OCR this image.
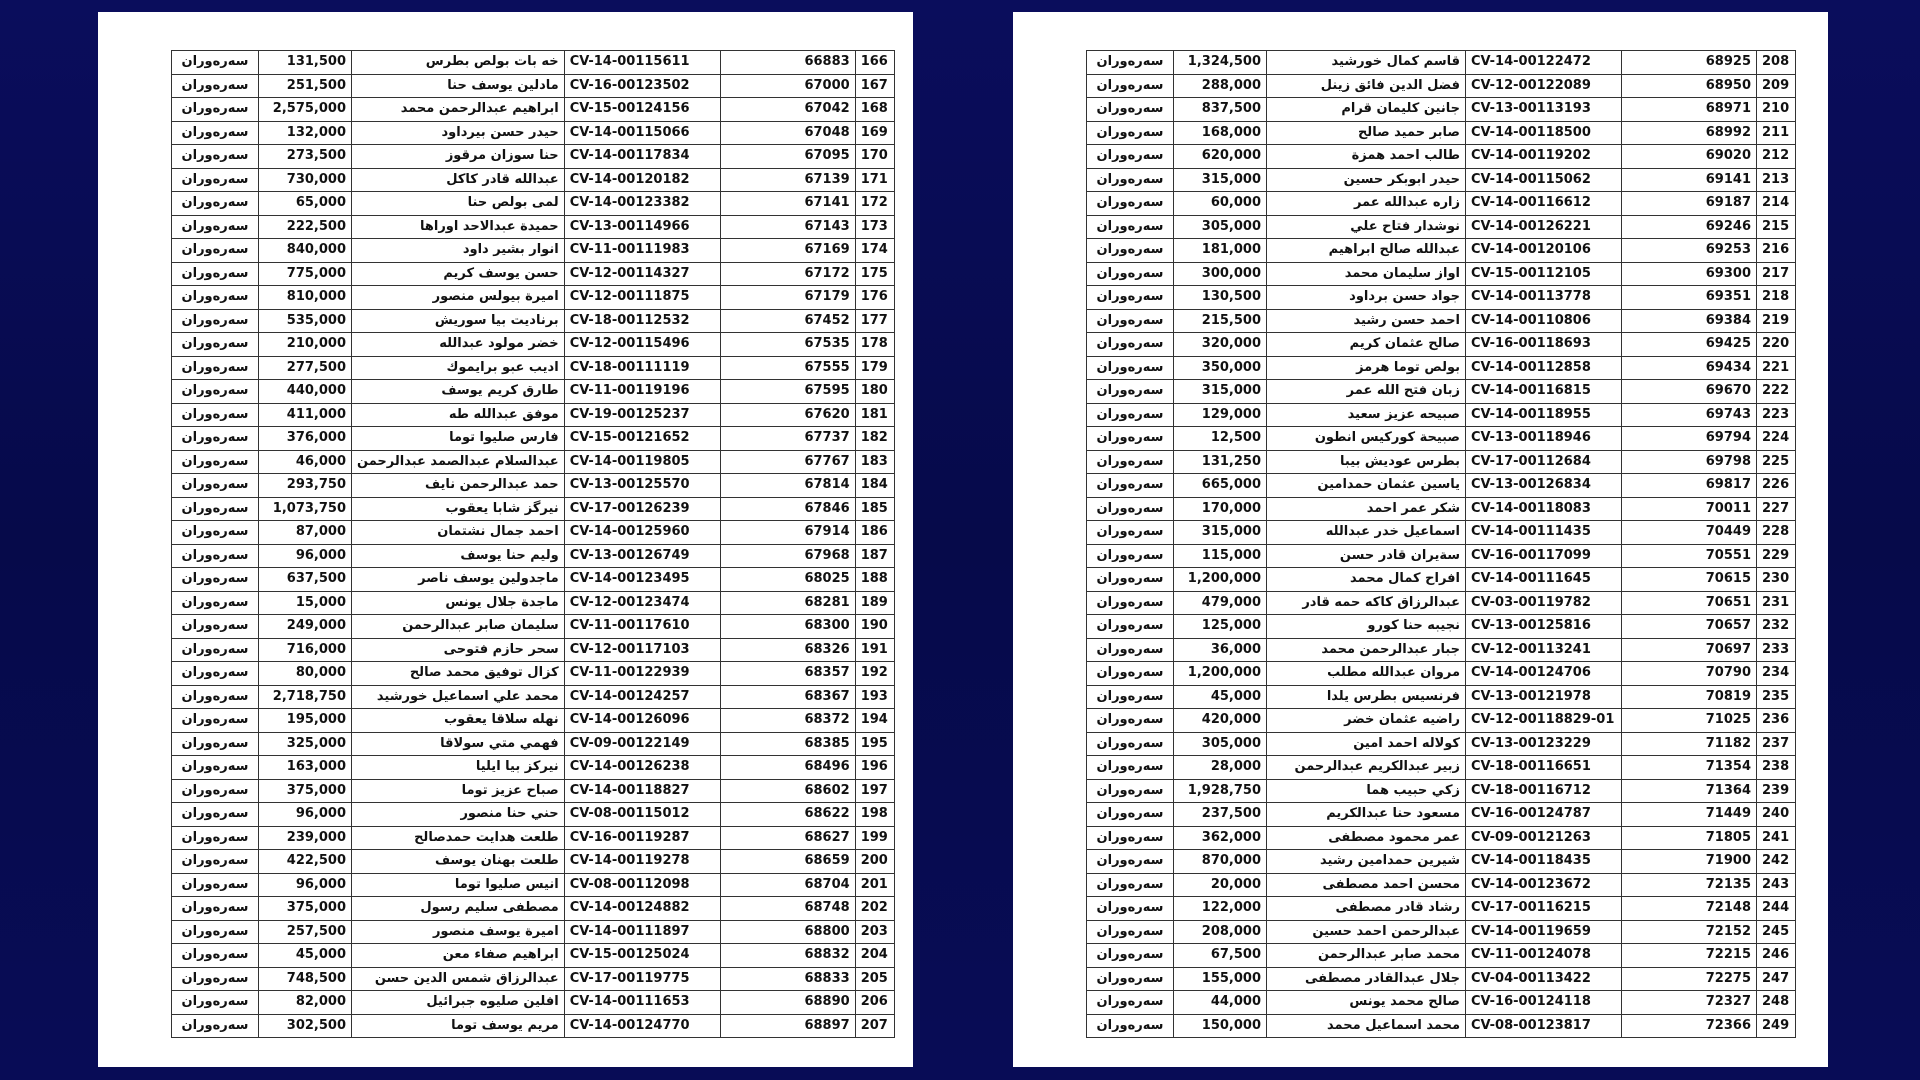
سەرەوران	131,500	خه بات بولص بطرس	CV-14-00115611	66883	166
سەرەوران	251,500	مادلين يوسف حنا	CV-16-00123502	67000	167
سەرەوران	2,575,000	ابراهيم عبدالرحمن محمد	CV-15-00124156	67042	168
سەرەوران	132,000	حيدر حسن بيرداود	CV-14-00115066	67048	169
سەرەوران	273,500	حنا سوزان مرقوز	CV-14-00117834	67095	170
سەرەوران	730,000	عبدالله قادر كاكل	CV-14-00120182	67139	171
سەرەوران	65,000	لمى بولص حنا	CV-14-00123382	67141	172
سەرەوران	222,500	حميدة عبدالاحد اوراها	CV-13-00114966	67143	173
سەرەوران	840,000	انوار بشير داود	CV-11-00111983	67169	174
سەرەوران	775,000	حسن يوسف كريم	CV-12-00114327	67172	175
سەرەوران	810,000	اميرة بيولس منصور	CV-12-00111875	67179	176
سەرەوران	535,000	برناديت بيا سوريش	CV-18-00112532	67452	177
سەرەوران	210,000	خضر مولود عبدالله	CV-12-00115496	67535	178
سەرەوران	277,500	اديب عبو برايموك	CV-18-00111119	67555	179
سەرەوران	440,000	طارق كريم يوسف	CV-11-00119196	67595	180
سەرەوران	411,000	موفق عبدالله طه	CV-19-00125237	67620	181
سەرەوران	376,000	فارس صليوا توما	CV-15-00121652	67737	182
سەرەوران	46,000	عبدالسلام عبدالصمد عبدالرحمن	CV-14-00119805	67767	183
سەرەوران	293,750	حمد عبدالرحمن نايف	CV-13-00125570	67814	184
سەرەوران	1,073,750	نيرگز شابا يعقوب	CV-17-00126239	67846	185
سەرەوران	87,000	احمد جمال نشتمان	CV-14-00125960	67914	186
سەرەوران	96,000	وليم حنا يوسف	CV-13-00126749	67968	187
سەرەوران	637,500	ماجدولين يوسف ناصر	CV-14-00123495	68025	188
سەرەوران	15,000	ماجدة جلال يونس	CV-12-00123474	68281	189
سەرەوران	249,000	سليمان صابر عبدالرحمن	CV-11-00117610	68300	190
سەرەوران	716,000	سحر حازم فتوحى	CV-12-00117103	68326	191
سەرەوران	80,000	كزال توفيق محمد صالح	CV-11-00122939	68357	192
سەرەوران	2,718,750	محمد علي اسماعيل خورشيد	CV-14-00124257	68367	193
سەرەوران	195,000	نهله سلاقا يعقوب	CV-14-00126096	68372	194
سەرەوران	325,000	فهمي متي سولاقا	CV-09-00122149	68385	195
سەرەوران	163,000	نيركز بيا ايليا	CV-14-00126238	68496	196
سەرەوران	375,000	صباح عزيز توما	CV-14-00118827	68602	197
سەرەوران	96,000	حني حنا منصور	CV-08-00115012	68622	198
سەرەوران	239,000	طلعت هدايت حمدصالح	CV-16-00119287	68627	199
سەرەوران	422,500	طلعت بهنان يوسف	CV-14-00119278	68659	200
سەرەوران	96,000	انيس صليوا توما	CV-08-00112098	68704	201
سەرەوران	375,000	مصطفى سليم رسول	CV-14-00124882	68748	202
سەرەوران	257,500	اميرة يوسف منصور	CV-14-00111897	68800	203
سەرەوران	45,000	ابراهيم صفاء معن	CV-15-00125024	68832	204
سەرەوران	748,500	عبدالرزاق شمس الدين حسن	CV-17-00119775	68833	205
سەرەوران	82,000	افلين صليوه جبرائيل	CV-14-00111653	68890	206
سەرەوران	302,500	مريم يوسف توما	CV-14-00124770	68897	207
سەرەوران	1,324,500	قاسم كمال خورشيد	CV-14-00122472	68925	208
سەرەوران	288,000	فضل الدين فائق زينل	CV-12-00122089	68950	209
سەرەوران	837,500	جانين كليمان قرام	CV-13-00113193	68971	210
سەرەوران	168,000	صابر حميد صالح	CV-14-00118500	68992	211
سەرەوران	620,000	طالب احمد همزة	CV-14-00119202	69020	212
سەرەوران	315,000	حيدر ابوبكر حسين	CV-14-00115062	69141	213
سەرەوران	60,000	زاره عبدالله عمر	CV-14-00116612	69187	214
سەرەوران	305,000	نوشدار فتاح علي	CV-14-00126221	69246	215
سەرەوران	181,000	عبدالله صالح ابراهيم	CV-14-00120106	69253	216
سەرەوران	300,000	اواز سليمان محمد	CV-15-00112105	69300	217
سەرەوران	130,500	جواد حسن برداود	CV-14-00113778	69351	218
سەرەوران	215,500	احمد حسن رشيد	CV-14-00110806	69384	219
سەرەوران	320,000	صالح عثمان كريم	CV-16-00118693	69425	220
سەرەوران	350,000	بولص توما هرمز	CV-14-00112858	69434	221
سەرەوران	315,000	زبان فتح الله عمر	CV-14-00116815	69670	222
سەرەوران	129,000	صبيحه عزيز سعيد	CV-14-00118955	69743	223
سەرەوران	12,500	صبيحة كوركيس انطون	CV-13-00118946	69794	224
سەرەوران	131,250	بطرس عوديش بيبا	CV-17-00112684	69798	225
سەرەوران	665,000	ياسين عثمان حمدامين	CV-13-00126834	69817	226
سەرەوران	170,000	شكر عمر احمد	CV-14-00118083	70011	227
سەرەوران	315,000	اسماعيل خدر عبدالله	CV-14-00111435	70449	228
سەرەوران	115,000	سةيران قادر حسن	CV-16-00117099	70551	229
سەرەوران	1,200,000	افراح كمال محمد	CV-14-00111645	70615	230
سەرەوران	479,000	عبدالرزاق كاكه حمه قادر	CV-03-00119782	70651	231
سەرەوران	125,000	نجيبه حنا كورو	CV-13-00125816	70657	232
سەرەوران	36,000	جبار عبدالرحمن محمد	CV-12-00113241	70697	233
سەرەوران	1,200,000	مروان عبدالله مطلب	CV-14-00124706	70790	234
سەرەوران	45,000	فرنسيس بطرس يلدا	CV-13-00121978	70819	235
سەرەوران	420,000	راضيه عثمان خضر	CV-12-00118829-01	71025	236
سەرەوران	305,000	كولاله احمد امين	CV-13-00123229	71182	237
سەرەوران	28,000	زبير عبدالكريم عبدالرحمن	CV-18-00116651	71354	238
سەرەوران	1,928,750	زكي حبيب هما	CV-18-00116712	71364	239
سەرەوران	237,500	مسعود حنا عبدالكريم	CV-16-00124787	71449	240
سەرەوران	362,000	عمر محمود مصطفى	CV-09-00121263	71805	241
سەرەوران	870,000	شيرين حمدامين رشيد	CV-14-00118435	71900	242
سەرەوران	20,000	محسن احمد مصطفى	CV-14-00123672	72135	243
سەرەوران	122,000	رشاد قادر مصطفى	CV-17-00116215	72148	244
سەرەوران	208,000	عبدالرحمن احمد حسين	CV-14-00119659	72152	245
سەرەوران	67,500	محمد صابر عبدالرحمن	CV-11-00124078	72215	246
سەرەوران	155,000	جلال عبدالقادر مصطفى	CV-04-00113422	72275	247
سەرەوران	44,000	صالح محمد يونس	CV-16-00124118	72327	248
سەرەوران	150,000	محمد اسماعيل محمد	CV-08-00123817	72366	249
